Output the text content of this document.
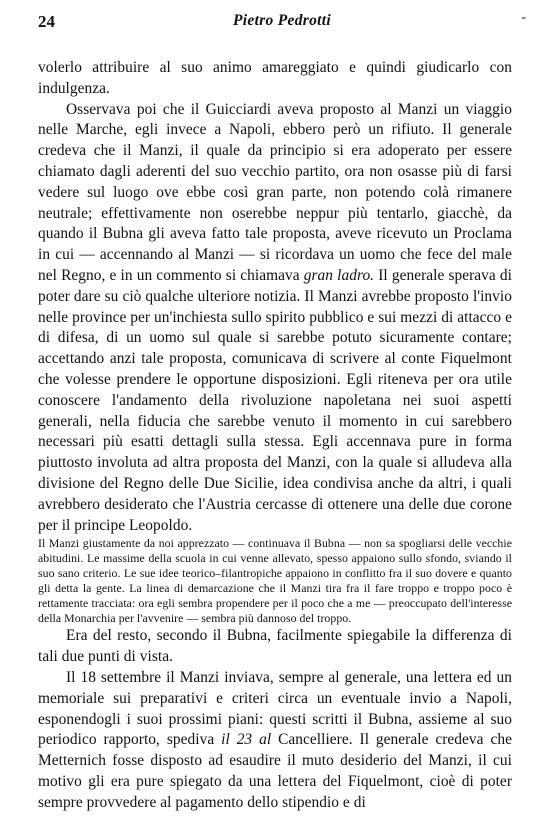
24	Pietro Pedrotti	-

volerlo attribuire al suo animo amareggiato e quindi giudicarlo con indulgenza.

Osservava poi che il Guicciardi aveva proposto al Manzi un viaggio nelle Marche, egli invece a Napoli, ebbero però un rifiuto. Il generale credeva che il Manzi, il quale da principio si era adoperato per essere chiamato dagli aderenti del suo vecchio partito, ora non osasse più di farsi vedere sul luogo ove ebbe così gran parte, non potendo colà rimanere neutrale; effettivamente non oserebbe neppur più tentarlo, giacchè, da quando il Bubna gli aveva fatto tale proposta, aveve ricevuto un Proclama in cui — accennando al Manzi — si ricordava un uomo che fece del male nel Regno, e in un commento si chiamava gran ladro. Il generale sperava di poter dare su ciò qualche ulteriore notizia. Il Manzi avrebbe proposto l'invio nelle province per un'inchiesta sullo spirito pubblico e sui mezzi di attacco e di difesa, di un uomo sul quale si sarebbe potuto sicuramente contare; accettando anzi tale proposta, comunicava di scrivere al conte Fiquelmont che volesse prendere le opportune disposizioni. Egli riteneva per ora utile conoscere l'andamento della rivoluzione napoletana nei suoi aspetti generali, nella fiducia che sarebbe venuto il momento in cui sarebbero necessari più esatti dettagli sulla stessa. Egli accennava pure in forma piuttosto involuta ad altra proposta del Manzi, con la quale si alludeva alla divisione del Regno delle Due Sicilie, idea condivisa anche da altri, i quali avrebbero desiderato che l'Austria cercasse di ottenere una delle due corone per il principe Leopoldo.

Il Manzi giustamente da noi apprezzato — continuava il Bubna — non sa spogliarsi delle vecchie abitudini. Le massime della scuola in cui venne allevato, spesso appaiono sullo sfondo, sviando il suo sano criterio. Le sue idee teorico–filantropiche appaiono in conflitto fra il suo dovere e quanto gli detta la gente. La linea di demarcazione che il Manzi tira fra il fare troppo e troppo poco è rettamente tracciata: ora egli sembra propendere per il poco che a me — preoccupato dell'interesse della Monarchia per l'avvenire — sembra più dannoso del troppo.

Era del resto, secondo il Bubna, facilmente spiegabile la differenza di tali due punti di vista.

Il 18 settembre il Manzi inviava, sempre al generale, una lettera ed un memoriale sui preparativi e criteri circa un eventuale invio a Napoli, esponendogli i suoi prossimi piani: questi scritti il Bubna, assieme al suo periodico rapporto, spediva il 23 al Cancelliere. Il generale credeva che Metternich fosse disposto ad esaudire il muto desiderio del Manzi, il cui motivo gli era pure spiegato da una lettera del Fiquelmont, cioè di poter sempre provvedere al pagamento dello stipendio e di
